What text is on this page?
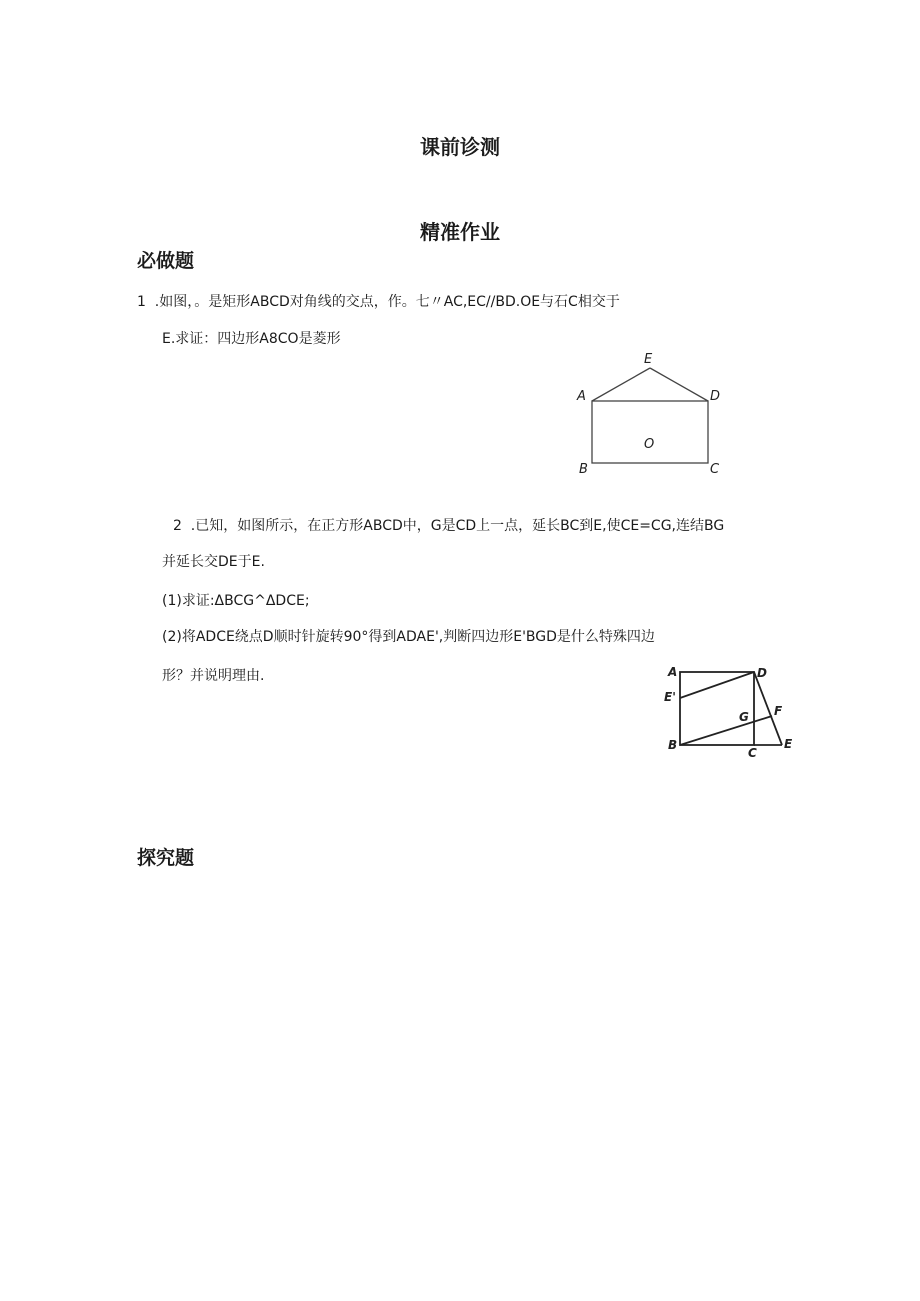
课前诊测
精准作业
必做题
1  .如图，。是矩形ABCD对角线的交点，作。七〃AC,EC//BD.OE与石C相交于
E.求证：四边形A8CO是菱形
E
A	D
O
B	C
2  .已知，如图所示，在正方形ABCD中，G是CD上一点，延长BC到E,使CE=CG,连结BG
并延长交DE于E.
(1)求证:ΔBCG^ΔDCE;
(2)将ADCE绕点D顺时针旋转90°得到ADAE',判断四边形E'BGD是什么特殊四边
形？并说明理由.	A	D
E'
G F
B
C
E
探究题
